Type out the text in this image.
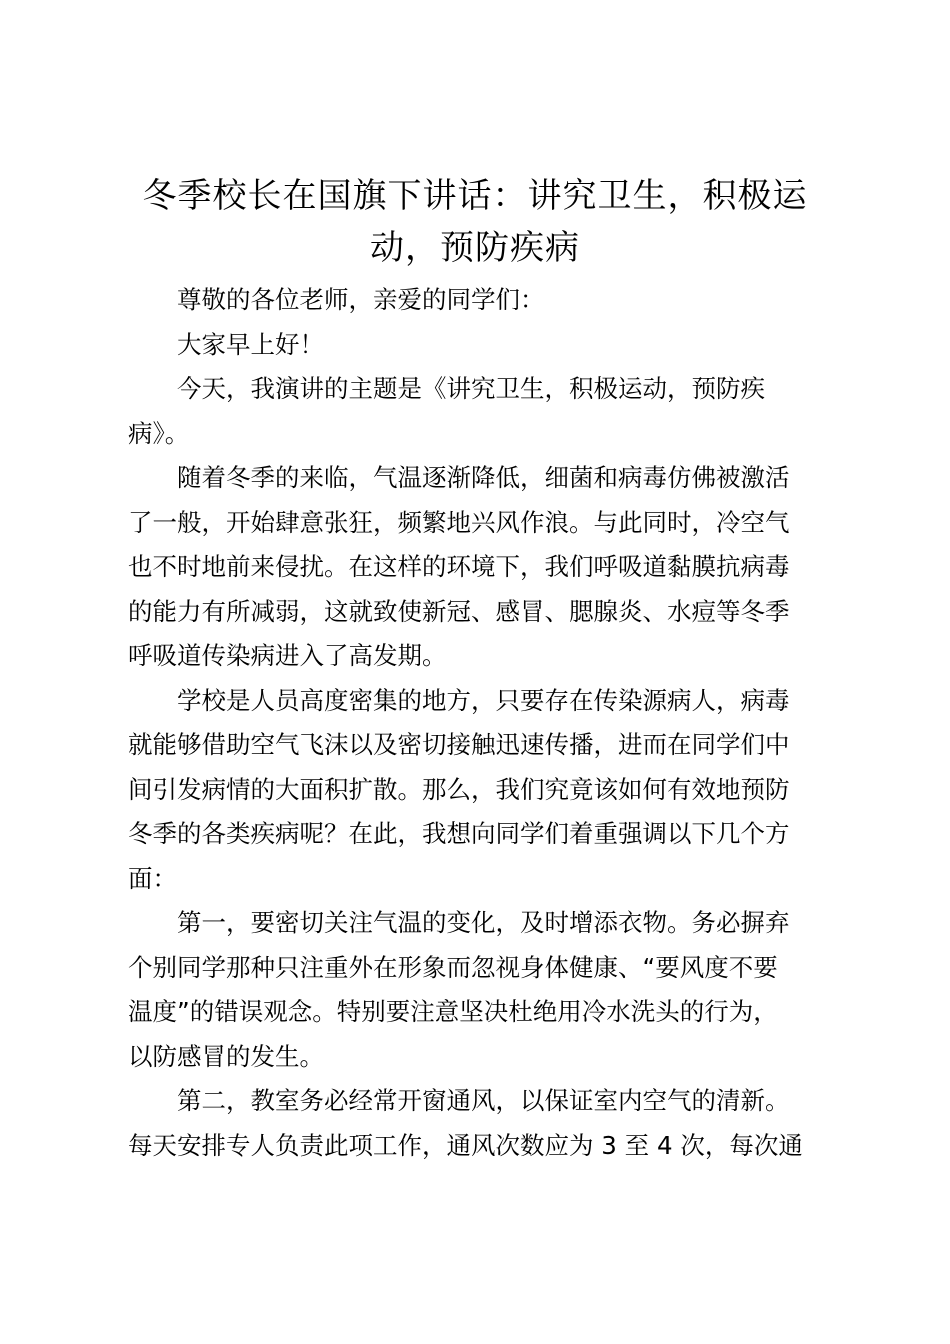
冬季校长在国旗下讲话：讲究卫生，积极运动，预防疾病

尊敬的各位老师，亲爱的同学们：

大家早上好！

今天，我演讲的主题是《讲究卫生，积极运动，预防疾
病》。

随着冬季的来临，气温逐渐降低，细菌和病毒仿佛被激活
了一般，开始肆意张狂，频繁地兴风作浪。与此同时，冷空气
也不时地前来侵扰。在这样的环境下，我们呼吸道黏膜抗病毒
的能力有所减弱，这就致使新冠、感冒、腮腺炎、水痘等冬季
呼吸道传染病进入了高发期。

学校是人员高度密集的地方，只要存在传染源病人，病毒
就能够借助空气飞沫以及密切接触迅速传播，进而在同学们中
间引发病情的大面积扩散。那么，我们究竟该如何有效地预防
冬季的各类疾病呢？在此，我想向同学们着重强调以下几个方
面：

第一，要密切关注气温的变化，及时增添衣物。务必摒弃
个别同学那种只注重外在形象而忽视身体健康、“要风度不要
温度”的错误观念。特别要注意坚决杜绝用冷水洗头的行为，
以防感冒的发生。

第二，教室务必经常开窗通风，以保证室内空气的清新。
每天安排专人负责此项工作，通风次数应为 3 至 4 次，每次通
